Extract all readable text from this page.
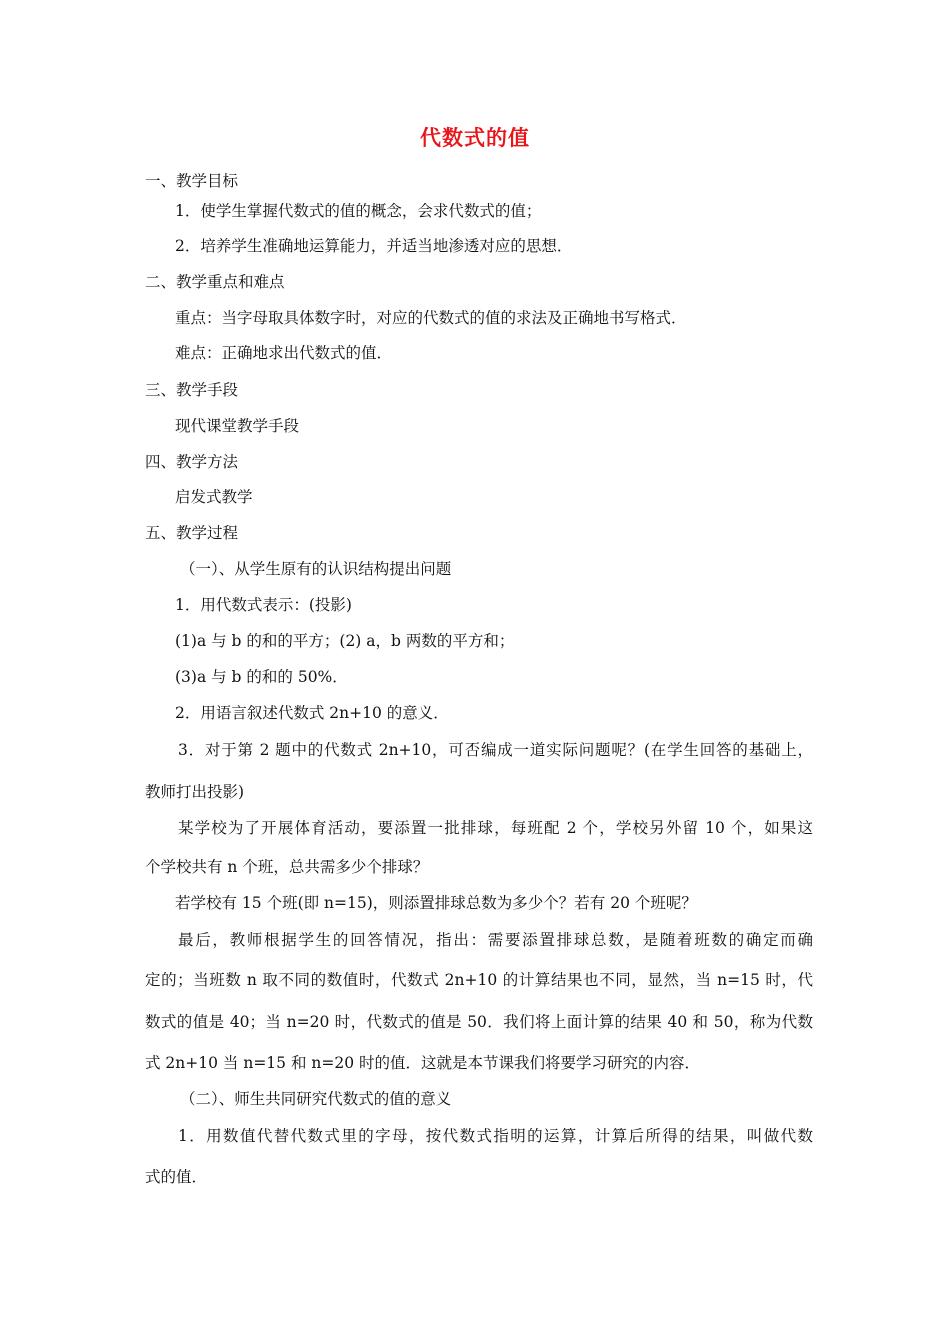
代数式的值
一、教学目标
1．使学生掌握代数式的值的概念，会求代数式的值；
2．培养学生准确地运算能力，并适当地渗透对应的思想．
二、教学重点和难点
重点：当字母取具体数字时，对应的代数式的值的求法及正确地书写格式．
难点：正确地求出代数式的值．
三、教学手段
现代课堂教学手段
四、教学方法
启发式教学
五、教学过程
（一）、从学生原有的认识结构提出问题
1．用代数式表示：(投影)
(1)a 与 b 的和的平方；(2) a，b 两数的平方和；
(3)a 与 b 的和的 50%．
2．用语言叙述代数式 2n+10 的意义．
3．对于第 2 题中的代数式 2n+10，可否编成一道实际问题呢？(在学生回答的基础上，
教师打出投影)
某学校为了开展体育活动，要添置一批排球，每班配 2 个，学校另外留 10 个，如果这
个学校共有 n 个班，总共需多少个排球？
若学校有 15 个班(即 n=15)，则添置排球总数为多少个？若有 20 个班呢？
最后，教师根据学生的回答情况，指出：需要添置排球总数，是随着班数的确定而确
定的；当班数 n 取不同的数值时，代数式 2n+10 的计算结果也不同，显然，当 n=15 时，代
数式的值是 40；当 n=20 时，代数式的值是 50．我们将上面计算的结果 40 和 50，称为代数
式 2n+10 当 n=15 和 n=20 时的值．这就是本节课我们将要学习研究的内容．
（二）、师生共同研究代数式的值的意义
1．用数值代替代数式里的字母，按代数式指明的运算，计算后所得的结果，叫做代数
式的值．
